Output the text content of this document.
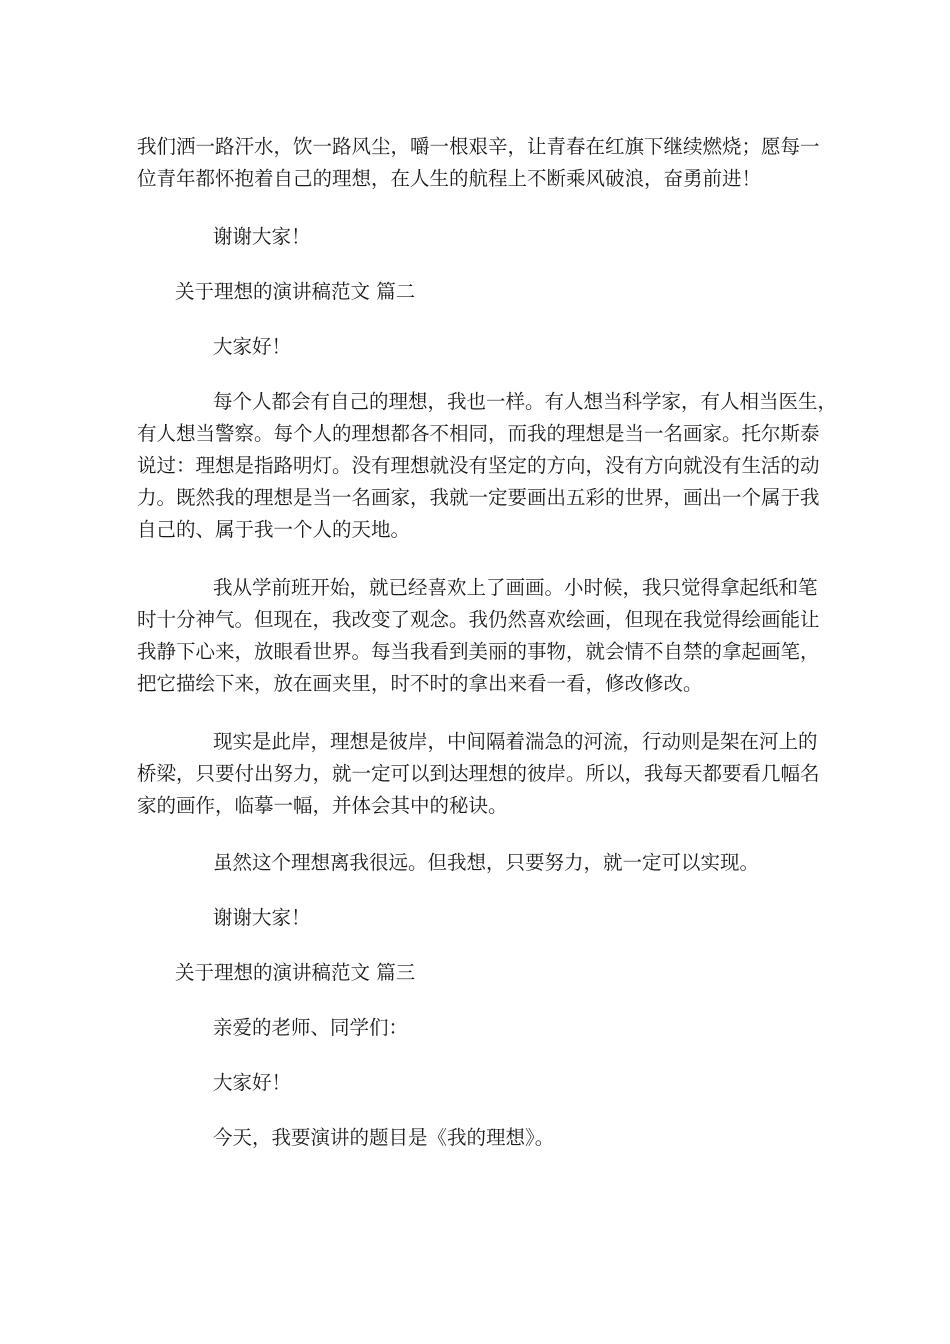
我们洒一路汗水，饮一路风尘，嚼一根艰辛，让青春在红旗下继续燃烧；愿每一
位青年都怀抱着自己的理想，在人生的航程上不断乘风破浪，奋勇前进！

谢谢大家！

关于理想的演讲稿范文 篇二

大家好！

每个人都会有自己的理想，我也一样。有人想当科学家，有人相当医生，
有人想当警察。每个人的理想都各不相同，而我的理想是当一名画家。托尔斯泰
说过：理想是指路明灯。没有理想就没有坚定的方向，没有方向就没有生活的动
力。既然我的理想是当一名画家，我就一定要画出五彩的世界，画出一个属于我
自己的、属于我一个人的天地。

我从学前班开始，就已经喜欢上了画画。小时候，我只觉得拿起纸和笔
时十分神气。但现在，我改变了观念。我仍然喜欢绘画，但现在我觉得绘画能让
我静下心来，放眼看世界。每当我看到美丽的事物，就会情不自禁的拿起画笔，
把它描绘下来，放在画夹里，时不时的拿出来看一看，修改修改。

现实是此岸，理想是彼岸，中间隔着湍急的河流，行动则是架在河上的
桥梁，只要付出努力，就一定可以到达理想的彼岸。所以，我每天都要看几幅名
家的画作，临摹一幅，并体会其中的秘诀。

虽然这个理想离我很远。但我想，只要努力，就一定可以实现。

谢谢大家！

关于理想的演讲稿范文 篇三

亲爱的老师、同学们：

大家好！

今天，我要演讲的题目是《我的理想》。
